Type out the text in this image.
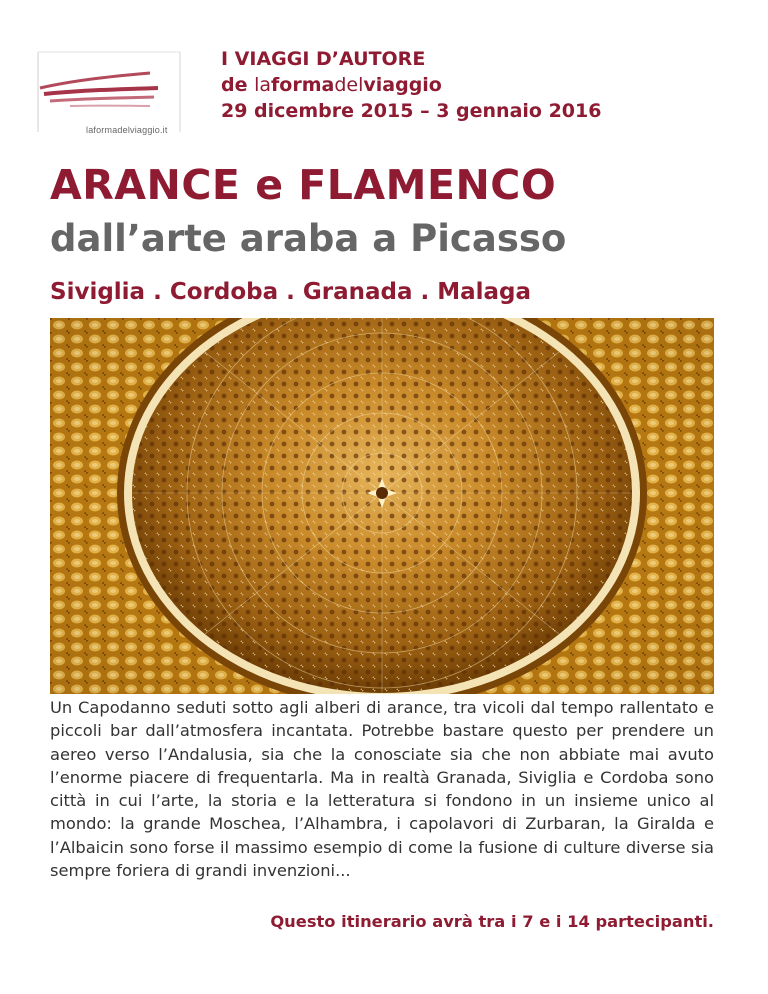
laformadelviaggio.it
I VIAGGI D’AUTORE
de laformadelviaggio
29 dicembre 2015 – 3 gennaio 2016
ARANCE e FLAMENCO
dall’arte araba a Picasso
Siviglia . Cordoba . Granada . Malaga
Un Capodanno seduti sotto agli alberi di arance, tra vicoli dal tempo rallentato e piccoli bar dall’atmosfera incantata. Potrebbe bastare questo per prendere un aereo verso l’Andalusia, sia che la conosciate sia che non abbiate mai avuto l’enorme piacere di frequentarla. Ma in realtà Granada, Siviglia e Cordoba sono città in cui l’arte, la storia e la letteratura si fondono in un insieme unico al mondo: la grande Moschea, l’Alhambra, i capolavori di Zurbaran, la Giralda e l’Albaicin sono forse il massimo esempio di come la fusione di culture diverse sia sempre foriera di grandi invenzioni...
Questo itinerario avrà tra i 7 e i 14 partecipanti.
